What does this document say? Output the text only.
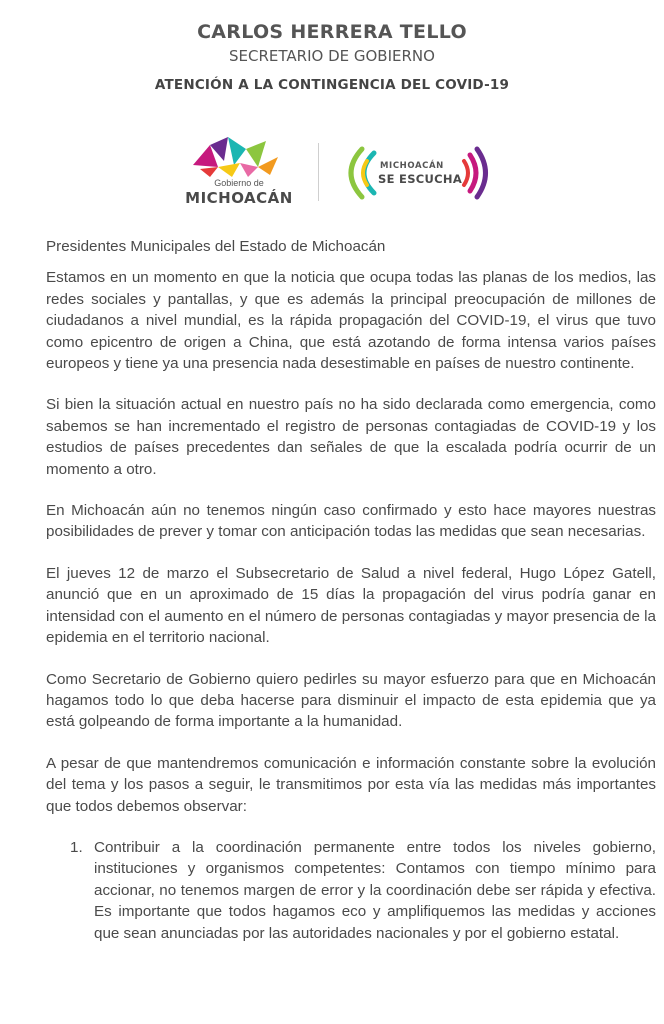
CARLOS HERRERA TELLO

SECRETARIO DE GOBIERNO

ATENCIÓN A LA CONTINGENCIA DEL COVID-19

Gobierno de
MICHOACÁN
MICHOACÁN
SE ESCUCHA

Presidentes Municipales del Estado de Michoacán

Estamos en un momento en que la noticia que ocupa todas las planas de los medios, las redes sociales y pantallas, y que es además la principal preocupación de millones de ciudadanos a nivel mundial, es la rápida propagación del COVID-19, el virus que tuvo como epicentro de origen a China, que está azotando de forma intensa varios países europeos y tiene ya una presencia nada desestimable en países de nuestro continente.

Si bien la situación actual en nuestro país no ha sido declarada como emergencia, como sabemos se han incrementado el registro de personas contagiadas de COVID-19 y los estudios de países precedentes dan señales de que la escalada podría ocurrir de un momento a otro.

En Michoacán aún no tenemos ningún caso confirmado y esto hace mayores nuestras posibilidades de prever y tomar con anticipación todas las medidas que sean necesarias.

El jueves 12 de marzo el Subsecretario de Salud a nivel federal, Hugo López Gatell, anunció que en un aproximado de 15 días la propagación del virus podría ganar en intensidad con el aumento en el número de personas contagiadas y mayor presencia de la epidemia en el territorio nacional.

Como Secretario de Gobierno quiero pedirles su mayor esfuerzo para que en Michoacán hagamos todo lo que deba hacerse para disminuir el impacto de esta epidemia que ya está golpeando de forma importante a la humanidad.

A pesar de que mantendremos comunicación e información constante sobre la evolución del tema y los pasos a seguir, le transmitimos por esta vía las medidas más importantes que todos debemos observar:

1. Contribuir a la coordinación permanente entre todos los niveles gobierno, instituciones y organismos competentes: Contamos con tiempo mínimo para accionar, no tenemos margen de error y la coordinación debe ser rápida y efectiva. Es importante que todos hagamos eco y amplifiquemos las medidas y acciones que sean anunciadas por las autoridades nacionales y por el gobierno estatal.
